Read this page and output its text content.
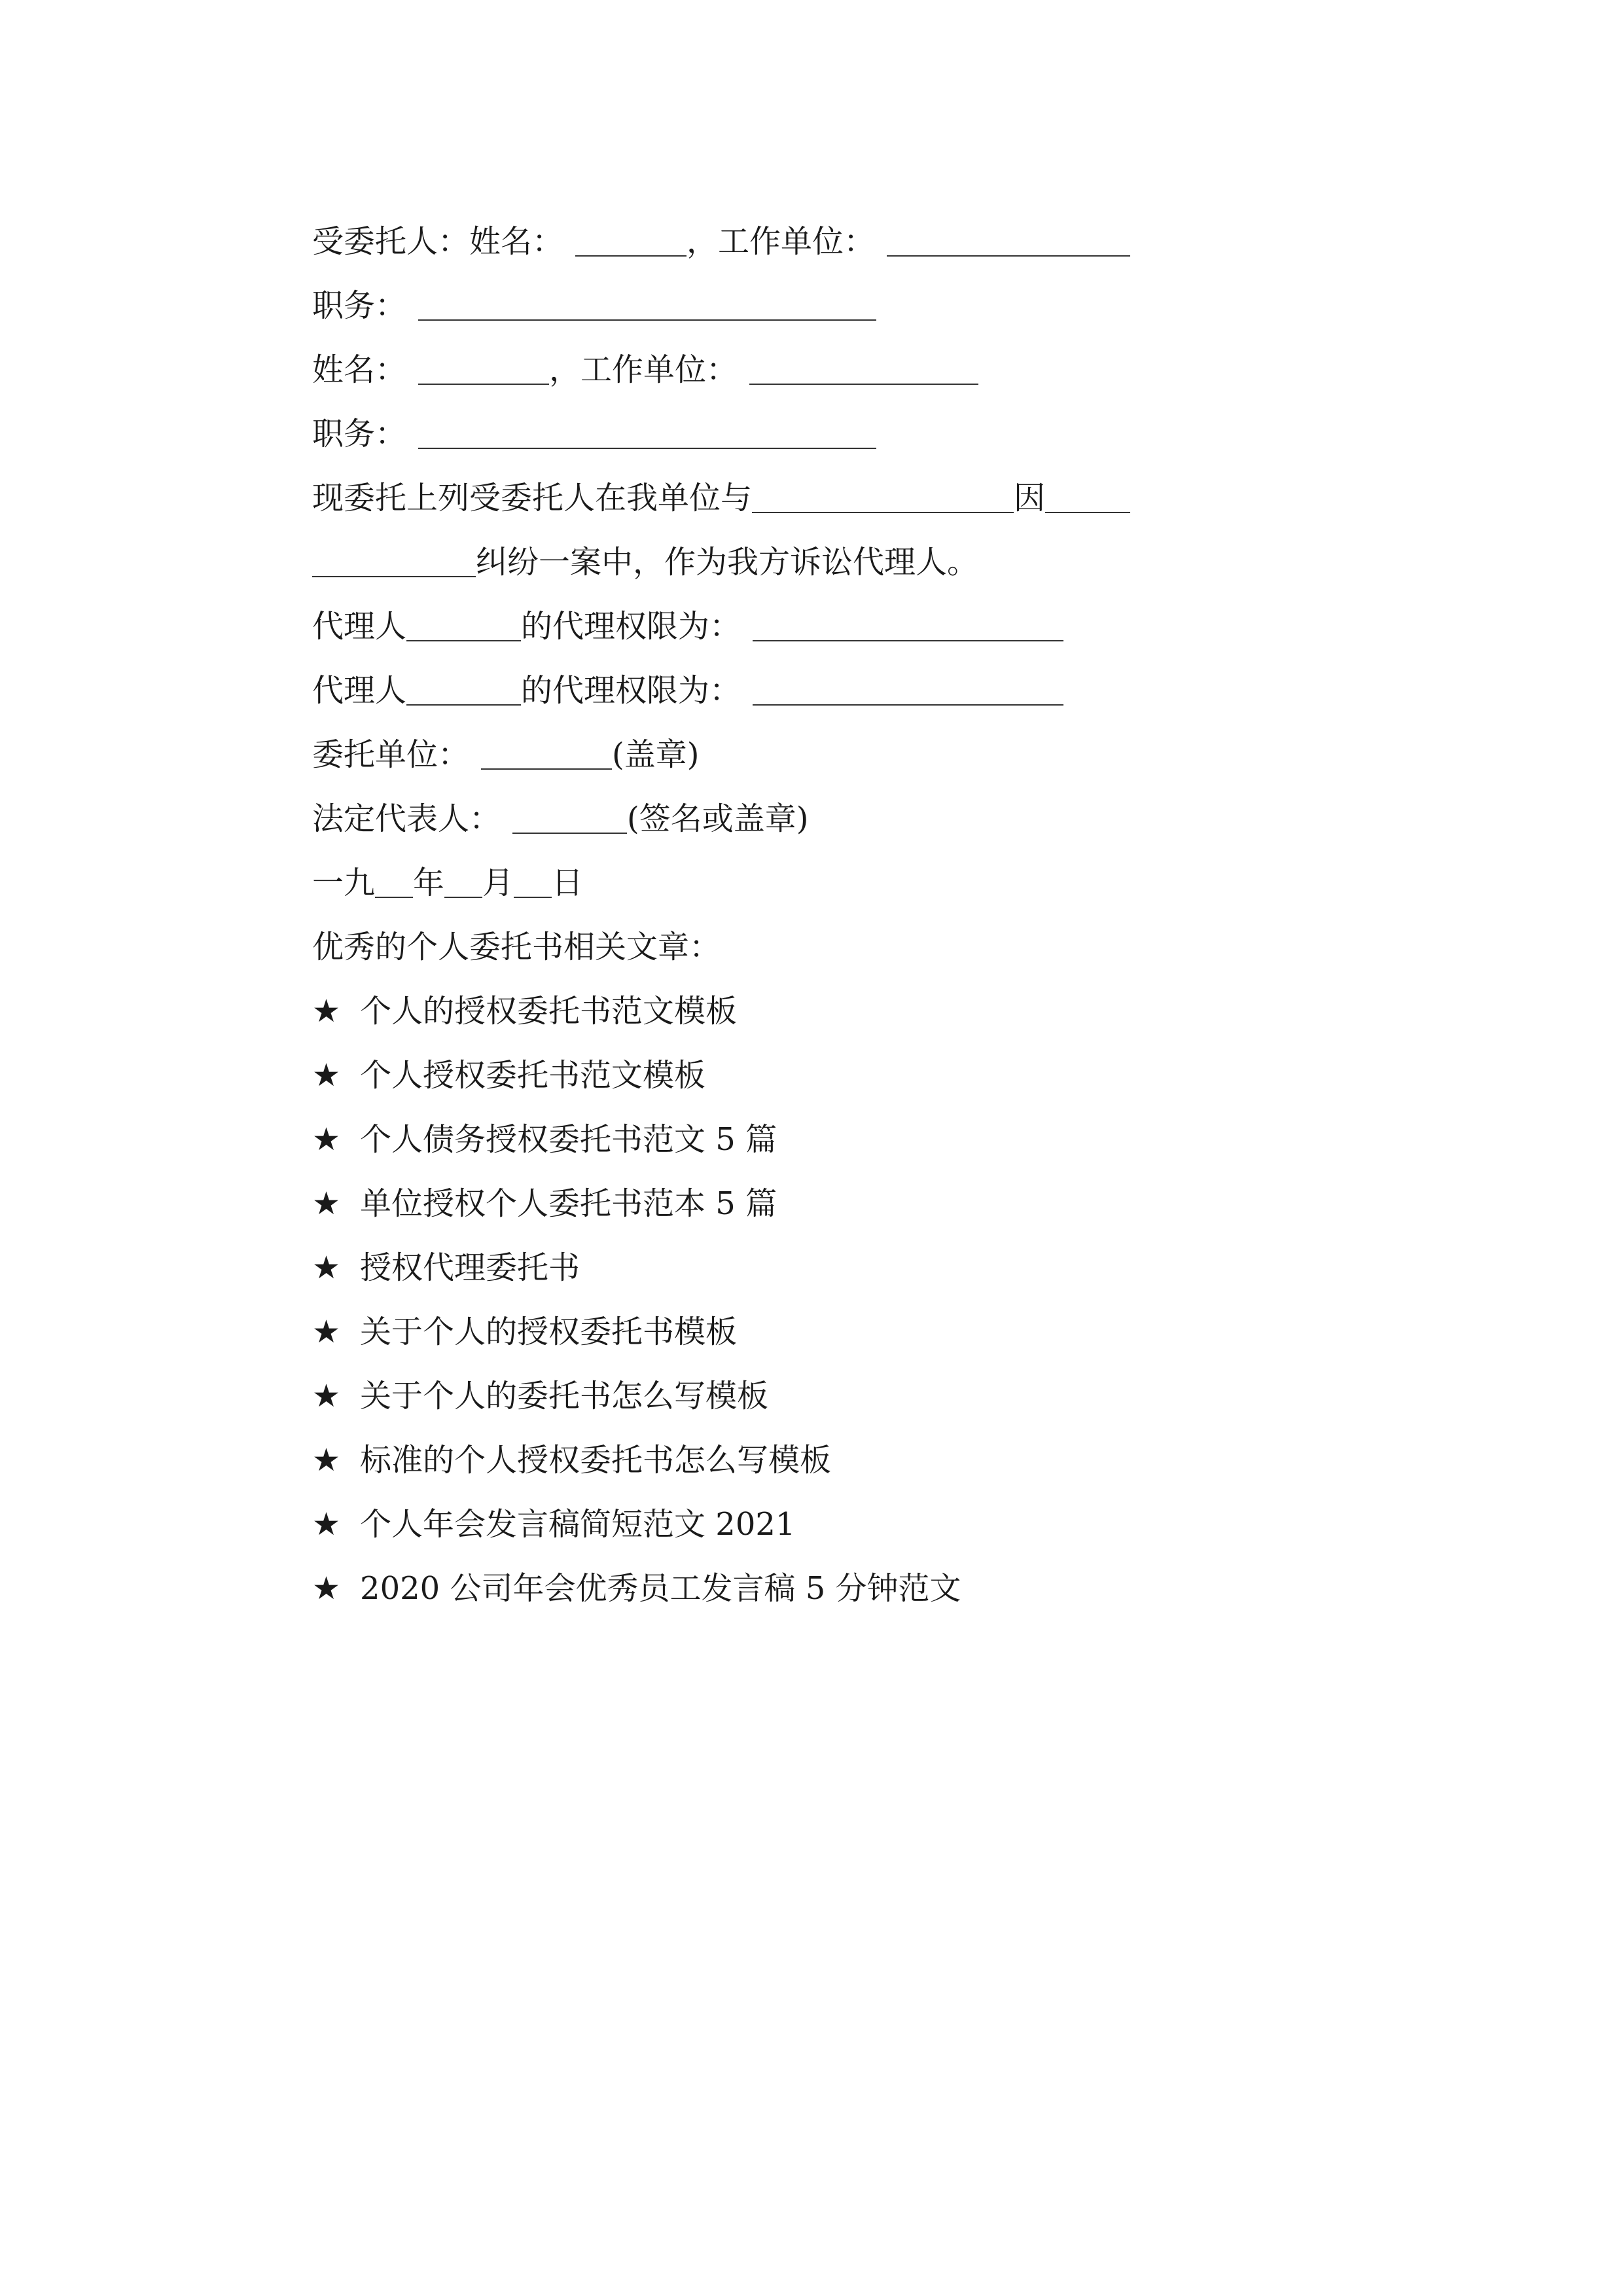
受委托人： 姓名：	， 工作单位：
职务：
姓名：	， 工作单位：
职务：
现委托上列受委托人在我单位与	因
纠纷一案中，作为我方诉讼代理人。
代理人	的代理权限为：
代理人	的代理权限为：
委托单位：	(盖章)
法定代表人：	(签名或盖章)
一九 年 月 日
优秀的个人委托书相关文章：
★ 个人的授权委托书范文模板
★ 个人授权委托书范文模板
★ 个人债务授权委托书范文 5 篇
★ 单位授权个人委托书范本 5 篇
★ 授权代理委托书
★ 关于个人的授权委托书模板
★ 关于个人的委托书怎么写模板
★ 标准的个人授权委托书怎么写模板
★ 个人年会发言稿简短范文 2021
★ 2020 公司年会优秀员工发言稿 5 分钟范文
